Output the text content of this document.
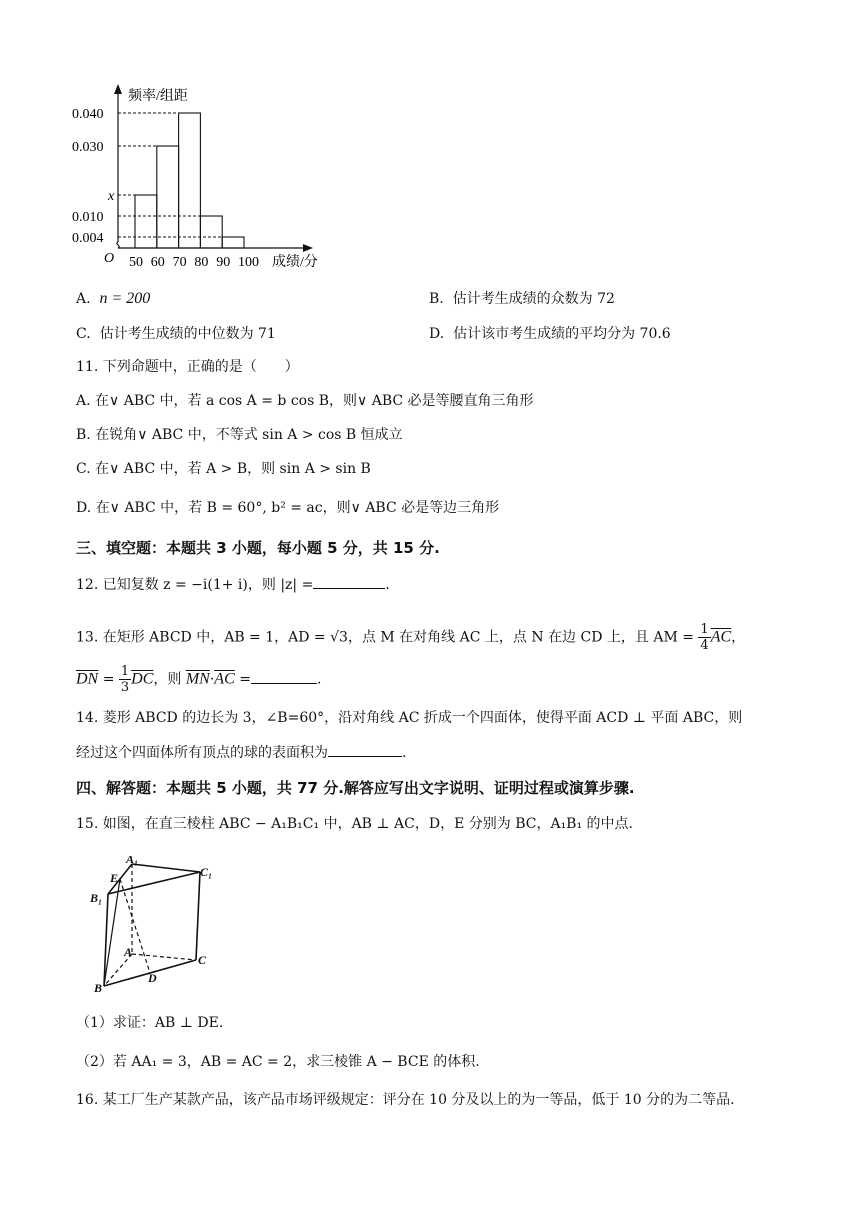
0.040
0.030
x
0.010
0.004
50 60 70 80 90 100
频率/组距
成绩/分
O
A. n = 200	B. 估计考生成绩的众数为 72
C. 估计考生成绩的中位数为 71	D. 估计该市考生成绩的平均分为 70.6
11. 下列命题中，正确的是（　　）
A. 在∨ ABC 中，若 a cos A = b cos B，则∨ ABC 必是等腰直角三角形
B. 在锐角∨ ABC 中，不等式 sin A > cos B 恒成立
C. 在∨ ABC 中，若 A > B，则 sin A > sin B
D. 在∨ ABC 中，若 B = 60°, b² = ac，则∨ ABC 必是等边三角形
三、填空题：本题共 3 小题，每小题 5 分，共 15 分.
12. 已知复数 z = −i(1+ i)，则 |z| =	.
13. 在矩形 ABCD 中，AB = 1，AD = √3，点 M 在对角线 AC 上，点 N 在边 CD 上，且 AM = $\frac{1}{4} \overline{AC}$，
$\overline{DN} = \frac{1}{3} \overline{DC}$，则 $\overline{MN}\cdot\overline{AC}$ =	.
14. 菱形 ABCD 的边长为 3，∠B=60°，沿对角线 AC 折成一个四面体，使得平面 ACD ⊥ 平面 ABC，则
经过这个四面体所有顶点的球的表面积为	.
四、解答题：本题共 5 小题，共 77 分.解答应写出文字说明、证明过程或演算步骤.
15. 如图，在直三棱柱 ABC − A₁B₁C₁ 中，AB ⊥ AC，D，E 分别为 BC，A₁B₁ 的中点.
A₁
C₁
E
B₁
A
D
C
B
（1）求证：AB ⊥ DE.
（2）若 AA₁ = 3，AB = AC = 2，求三棱锥 A − BCE 的体积.
16. 某工厂生产某款产品，该产品市场评级规定：评分在 10 分及以上的为一等品，低于 10 分的为二等品.
